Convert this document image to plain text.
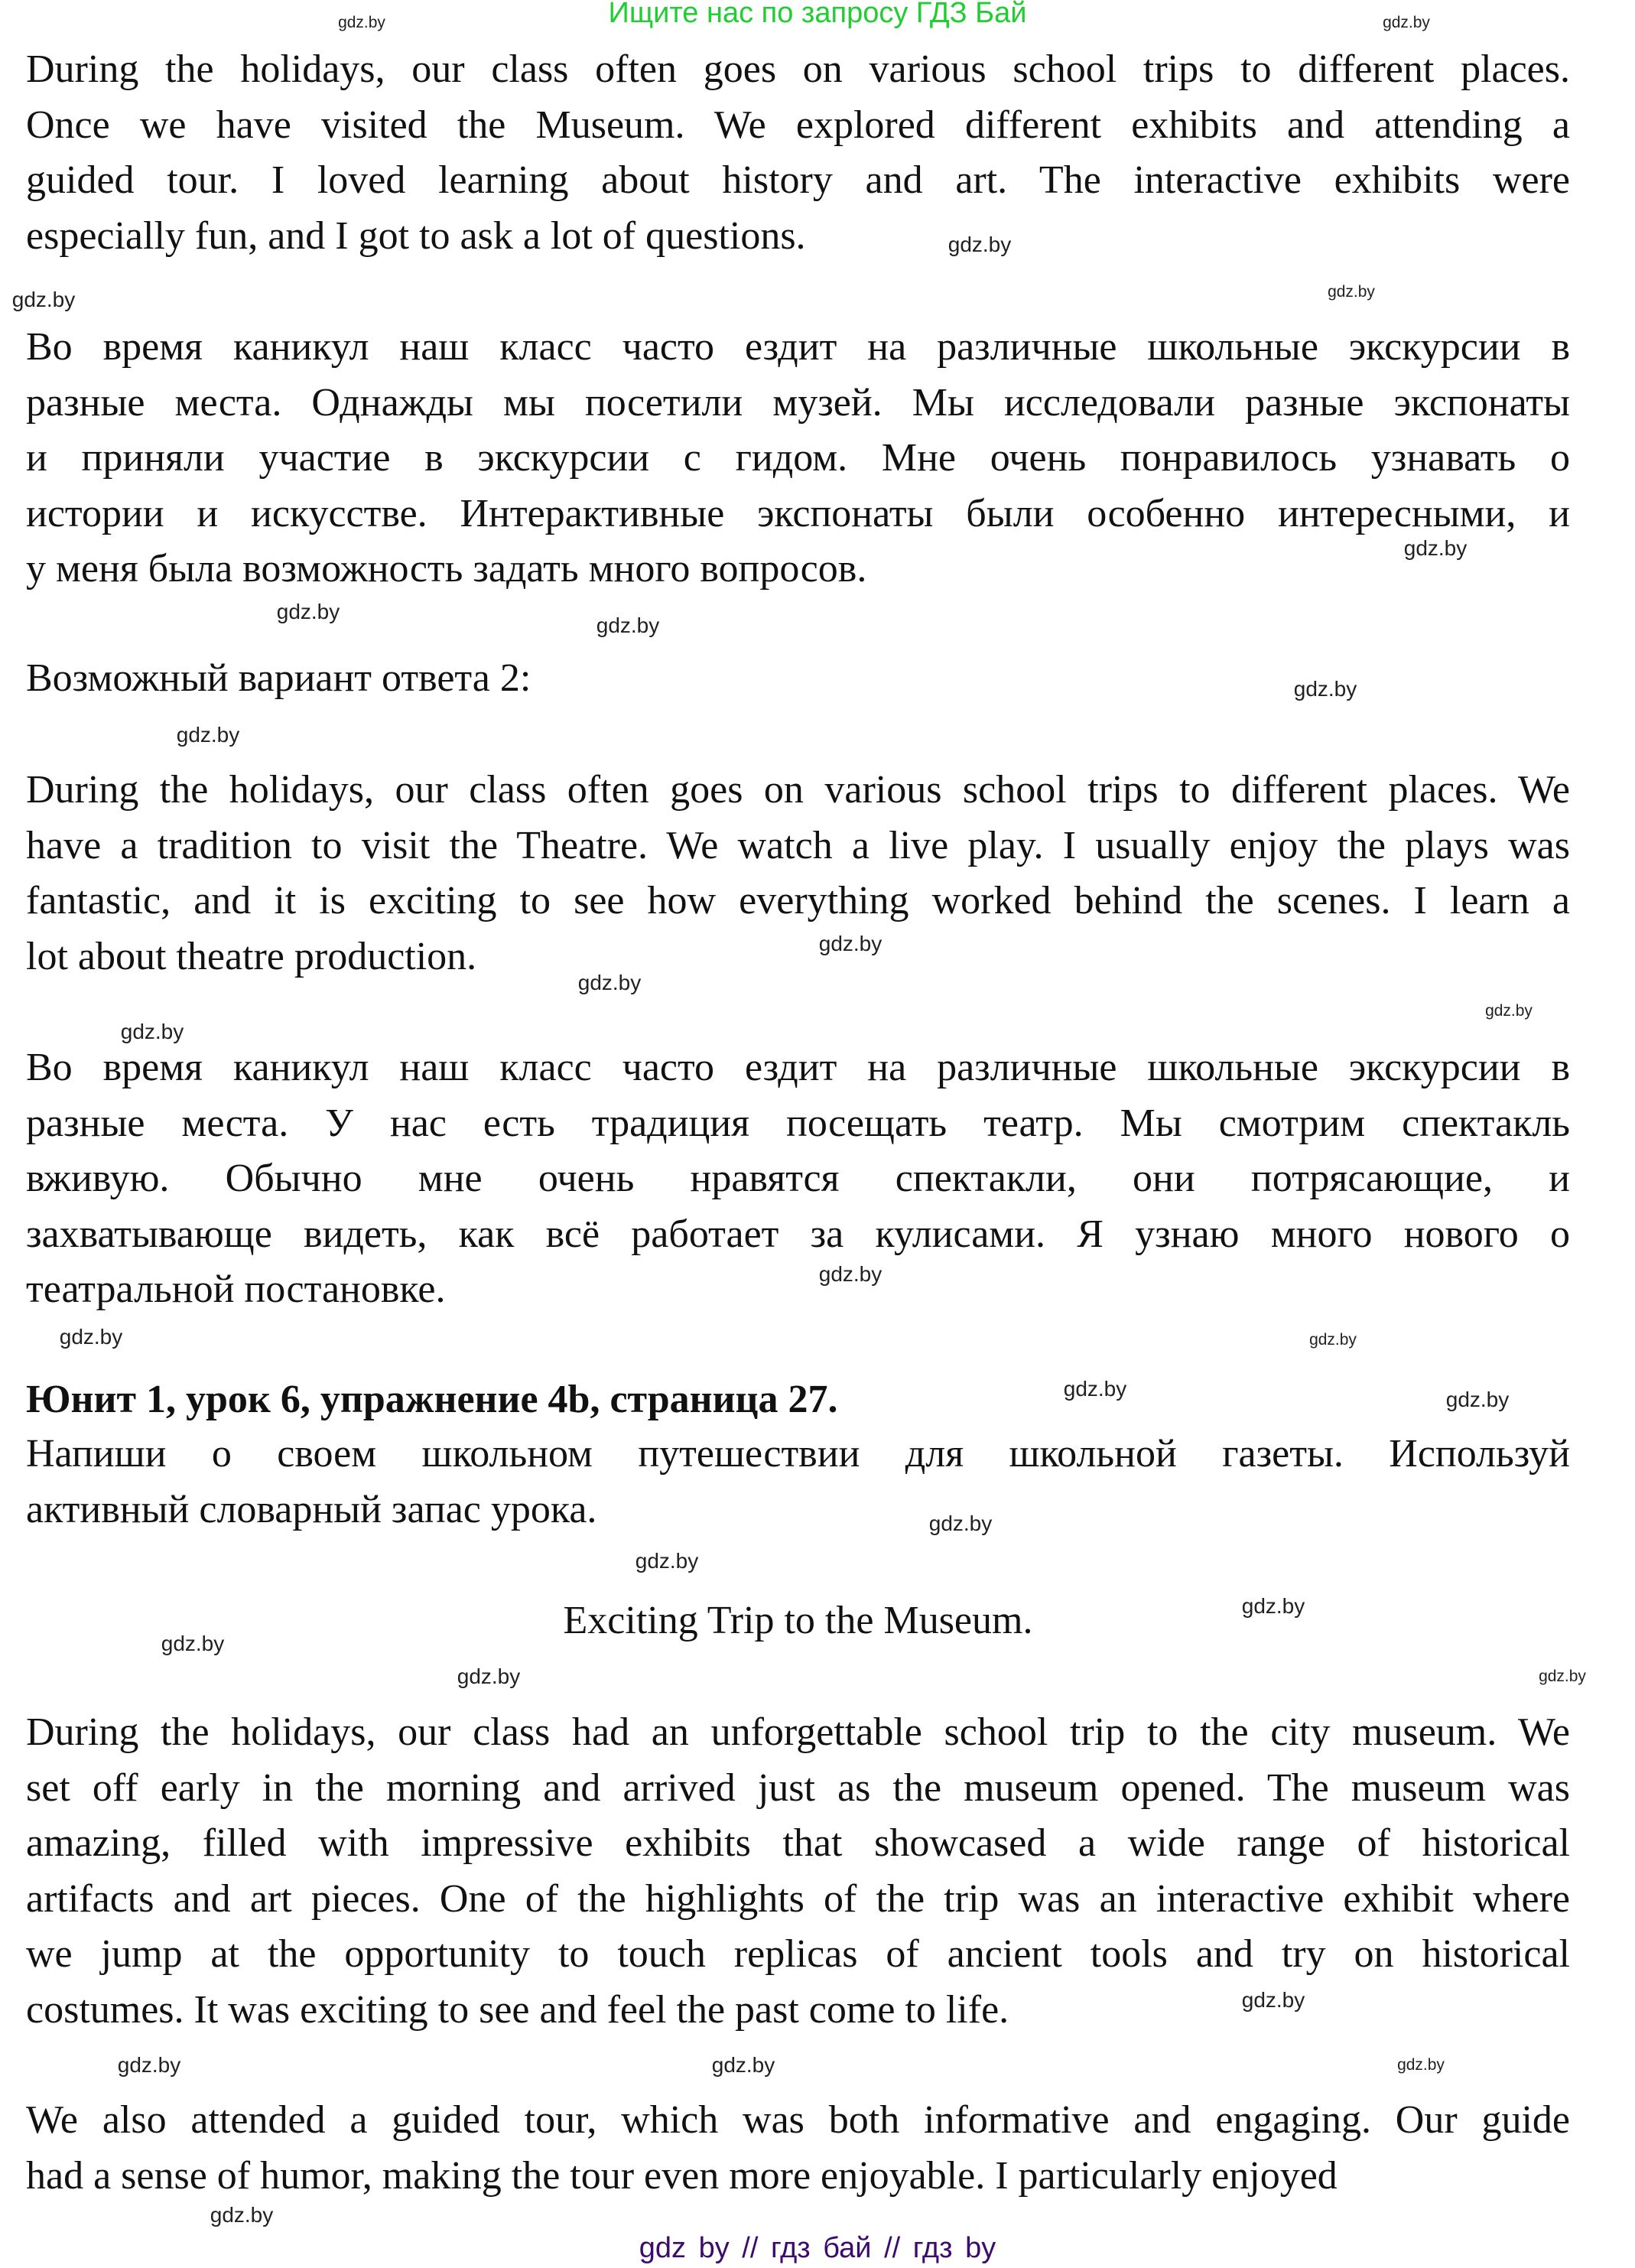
Ищите нас по запросу ГДЗ Бай
During the holidays, our class often goes on various school trips to different places.
Once we have visited the Museum. We explored different exhibits and attending a
guided tour. I loved learning about history and art. The interactive exhibits were
especially fun, and I got to ask a lot of questions.
Во время каникул наш класс часто ездит на различные школьные экскурсии в
разные места. Однажды мы посетили музей. Мы исследовали разные экспонаты
и приняли участие в экскурсии с гидом. Мне очень понравилось узнавать о
истории и искусстве. Интерактивные экспонаты были особенно интересными, и
у меня была возможность задать много вопросов.
Возможный вариант ответа 2:
During the holidays, our class often goes on various school trips to different places. We
have a tradition to visit the Theatre. We watch a live play. I usually enjoy the plays was
fantastic, and it is exciting to see how everything worked behind the scenes. I learn a
lot about theatre production.
Во время каникул наш класс часто ездит на различные школьные экскурсии в
разные места. У нас есть традиция посещать театр. Мы смотрим спектакль
вживую. Обычно мне очень нравятся спектакли, они потрясающие, и
захватывающе видеть, как всё работает за кулисами. Я узнаю много нового о
театральной постановке.
Юнит 1, урок 6, упражнение 4b, страница 27.
Напиши о своем школьном путешествии для школьной газеты. Используй
активный словарный запас урока.
Exciting Trip to the Museum.
During the holidays, our class had an unforgettable school trip to the city museum. We
set off early in the morning and arrived just as the museum opened. The museum was
amazing, filled with impressive exhibits that showcased a wide range of historical
artifacts and art pieces. One of the highlights of the trip was an interactive exhibit where
we jump at the opportunity to touch replicas of ancient tools and try on historical
costumes. It was exciting to see and feel the past come to life.
We also attended a guided tour, which was both informative and engaging. Our guide
had a sense of humor, making the tour even more enjoyable. I particularly enjoyed
gdz.by	gdz.by
gdz.by
gdz.by
gdz.by
gdz.by
gdz.by
gdz.by
gdz.by
gdz.by
gdz.by
gdz.by
gdz.by
gdz.by
gdz.by
gdz.by
gdz.by
gdz.by	gdz.by
gdz.by
gdz.by
gdz.by
gdz.by
gdz.by	gdz.by
gdz.by
gdz.by	gdz.by	gdz.by
gdz.by
gdz by // гдз бай // гдз by
